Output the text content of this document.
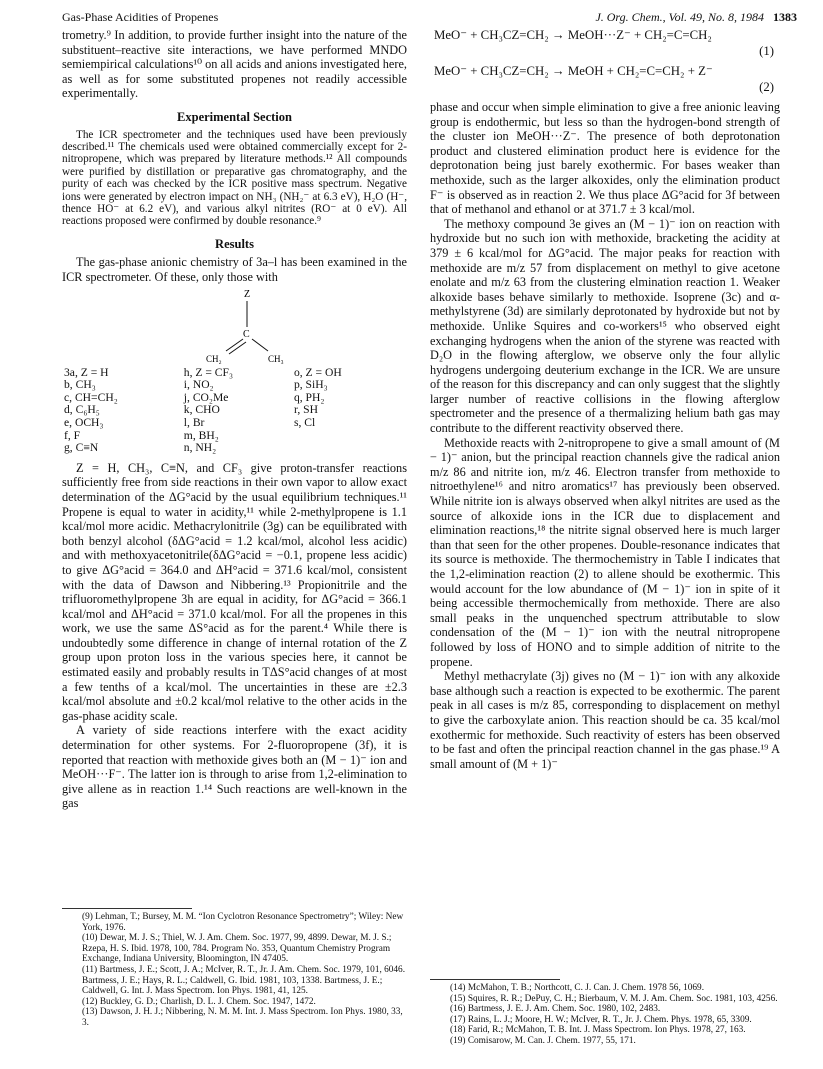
Gas-Phase Acidities of Propenes	J. Org. Chem., Vol. 49, No. 8, 1984 1383

trometry.⁹ In addition, to provide further insight into the nature of the substituent–reactive site interactions, we have performed MNDO semiempirical calculations¹⁰ on all acids and anions investigated here, as well as for some substituted propenes not readily accessible experimentally.

Experimental Section

The ICR spectrometer and the techniques used have been previously described.¹¹ The chemicals used were obtained commercially except for 2-nitropropene, which was prepared by literature methods.¹² All compounds were purified by distillation or preparative gas chromatography, and the purity of each was checked by the ICR positive mass spectrum. Negative ions were generated by electron impact on NH₃ (NH₂⁻ at 6.3 eV), H₂O (H⁻, thence HO⁻ at 6.2 eV), and various alkyl nitrites (RO⁻ at 0 eV). All reactions proposed were confirmed by double resonance.⁹

Results

The gas-phase anionic chemistry of 3a–l has been examined in the ICR spectrometer. Of these, only those with

Z
C
CH₂	CH₃
3a, Z = H	h, Z = CF₃	o, Z = OH
b, CH₃	i, NO₂	p, SiH₃
c, CH=CH₂	j, CO₂Me	q, PH₂
d, C₆H₅	k, CHO	r, SH
e, OCH₃	l, Br	s, Cl
f, F	m, BH₂	
g, C≡N	n, NH₂	

Z = H, CH₃, C≡N, and CF₃ give proton-transfer reactions sufficiently free from side reactions in their own vapor to allow exact determination of the ΔG°acid by the usual equilibrium techniques.¹¹ Propene is equal to water in acidity,¹¹ while 2-methylpropene is 1.1 kcal/mol more acidic. Methacrylonitrile (3g) can be equilibrated with both benzyl alcohol (δΔG°acid = 1.2 kcal/mol, alcohol less acidic) and with methoxyacetonitrile(δΔG°acid = −0.1, propene less acidic) to give ΔG°acid = 364.0 and ΔH°acid = 371.6 kcal/mol, consistent with the data of Dawson and Nibbering.¹³ Propionitrile and the trifluoromethylpropene 3h are equal in acidity, for ΔG°acid = 366.1 kcal/mol and ΔH°acid = 371.0 kcal/mol. For all the propenes in this work, we use the same ΔS°acid as for the parent.⁴ While there is undoubtedly some difference in change of internal rotation of the Z group upon proton loss in the various species here, it cannot be estimated easily and probably results in TΔS°acid changes of at most a few tenths of a kcal/mol. The uncertainties in these are ±2.3 kcal/mol absolute and ±0.2 kcal/mol relative to the other acids in the gas-phase acidity scale.

A variety of side reactions interfere with the exact acidity determination for other systems. For 2-fluoropropene (3f), it is reported that reaction with methoxide gives both an (M − 1)⁻ ion and MeOH···F⁻. The latter ion is through to arise from 1,2-elimination to give allene as in reaction 1.¹⁴ Such reactions are well-known in the gas

(9) Lehman, T.; Bursey, M. M. “Ion Cyclotron Resonance Spectrometry”; Wiley: New York, 1976.
(10) Dewar, M. J. S.; Thiel, W. J. Am. Chem. Soc. 1977, 99, 4899. Dewar, M. J. S.; Rzepa, H. S. Ibid. 1978, 100, 784. Program No. 353, Quantum Chemistry Program Exchange, Indiana University, Bloomington, IN 47405.
(11) Bartmess, J. E.; Scott, J. A.; McIver, R. T., Jr. J. Am. Chem. Soc. 1979, 101, 6046. Bartmess, J. E.; Hays, R. L.; Caldwell, G. Ibid. 1981, 103, 1338. Bartmess, J. E.; Caldwell, G. Int. J. Mass Spectrom. Ion Phys. 1981, 41, 125.
(12) Buckley, G. D.; Charlish, D. L. J. Chem. Soc. 1947, 1472.
(13) Dawson, J. H. J.; Nibbering, N. M. M. Int. J. Mass Spectrom. Ion Phys. 1980, 33, 3.
MeO⁻ + CH₃CZ=CH₂ → MeOH···Z⁻ + CH₂=C=CH₂
(1)
MeO⁻ + CH₃CZ=CH₂ → MeOH + CH₂=C=CH₂ + Z⁻
(2)

phase and occur when simple elimination to give a free anionic leaving group is endothermic, but less so than the hydrogen-bond strength of the cluster ion MeOH···Z⁻. The presence of both deprotonation product and clustered elimination product here is evidence for the deprotonation being just barely exothermic. For bases weaker than methoxide, such as the larger alkoxides, only the elimination product F⁻ is observed as in reaction 2. We thus place ΔG°acid for 3f between that of methanol and ethanol or at 371.7 ± 3 kcal/mol.

The methoxy compound 3e gives an (M − 1)⁻ ion on reaction with hydroxide but no such ion with methoxide, bracketing the acidity at 379 ± 6 kcal/mol for ΔG°acid. The major peaks for reaction with methoxide are m/z 57 from displacement on methyl to give acetone enolate and m/z 63 from the clustering elmination reaction 1. Weaker alkoxide bases behave similarly to methoxide. Isoprene (3c) and α-methylstyrene (3d) are similarly deprotonated by hydroxide but not by methoxide. Unlike Squires and co-workers¹⁵ who observed eight exchanging hydrogens when the anion of the styrene was reacted with D₂O in the flowing afterglow, we observe only the four allylic hydrogens undergoing deuterium exchange in the ICR. We are unsure of the reason for this discrepancy and can only suggest that the slightly larger number of reactive collisions in the flowing afterglow spectrometer and the presence of a thermalizing helium bath gas may contribute to the different reactivity observed there.

Methoxide reacts with 2-nitropropene to give a small amount of (M − 1)⁻ anion, but the principal reaction channels give the radical anion m/z 86 and nitrite ion, m/z 46. Electron transfer from methoxide to nitroethylene¹⁶ and nitro aromatics¹⁷ has previously been observed. While nitrite ion is always observed when alkyl nitrites are used as the source of alkoxide ions in the ICR due to displacement and elimination reactions,¹⁸ the nitrite signal observed here is much larger than that seen for the other propenes. Double-resonance indicates that its source is methoxide. The thermochemistry in Table I indicates that the 1,2-elimination reaction (2) to allene should be exothermic. This would account for the low abundance of (M − 1)⁻ ion in spite of it being accessible thermochemically from methoxide. There are also small peaks in the unquenched spectrum attributable to slow condensation of the (M − 1)⁻ ion with the neutral nitropropene followed by loss of HONO and to simple addition of nitrite to the propene.

Methyl methacrylate (3j) gives no (M − 1)⁻ ion with any alkoxide base although such a reaction is expected to be exothermic. The parent peak in all cases is m/z 85, corresponding to displacement on methyl to give the carboxylate anion. This reaction should be ca. 35 kcal/mol exothermic for methoxide. Such reactivity of esters has been observed to be fast and often the principal reaction channel in the gas phase.¹⁹ A small amount of (M + 1)⁻

(14) McMahon, T. B.; Northcott, C. J. Can. J. Chem. 1978 56, 1069.
(15) Squires, R. R.; DePuy, C. H.; Bierbaum, V. M. J. Am. Chem. Soc. 1981, 103, 4256.
(16) Bartmess, J. E. J. Am. Chem. Soc. 1980, 102, 2483.
(17) Rains, L. J.; Moore, H. W.; McIver, R. T., Jr. J. Chem. Phys. 1978, 65, 3309.
(18) Farid, R.; McMahon, T. B. Int. J. Mass Spectrom. Ion Phys. 1978, 27, 163.
(19) Comisarow, M. Can. J. Chem. 1977, 55, 171.
